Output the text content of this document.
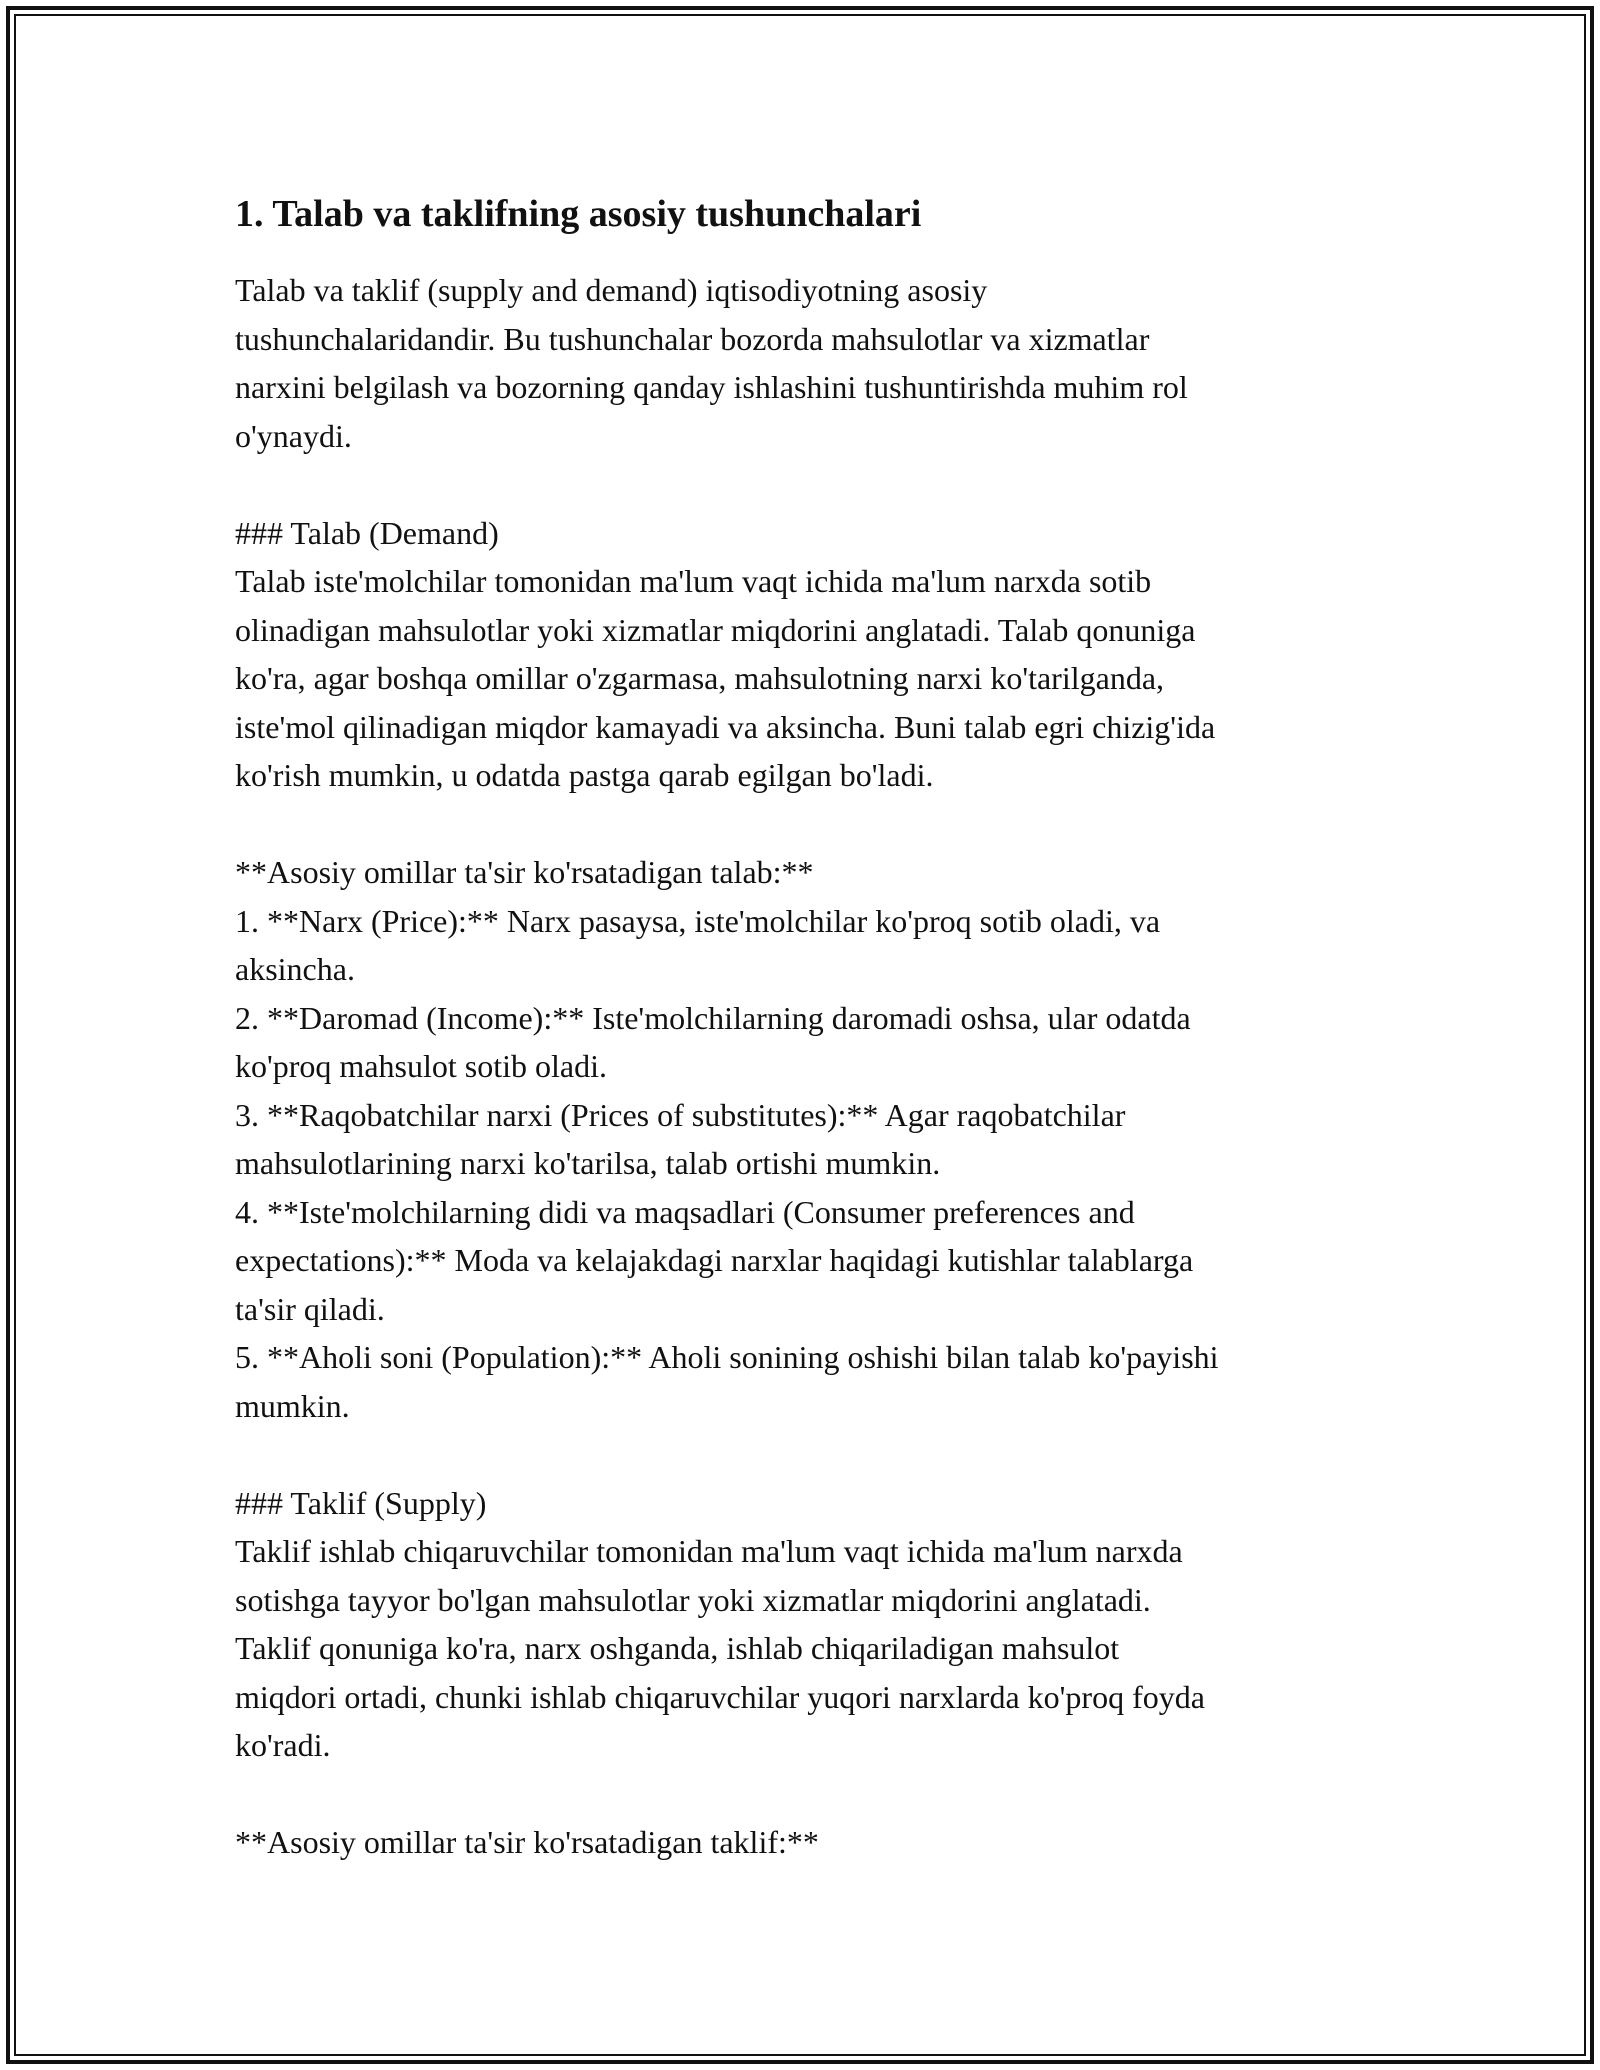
1. Talab va taklifning asosiy tushunchalari

Talab va taklif (supply and demand) iqtisodiyotning asosiy
tushunchalaridandir. Bu tushunchalar bozorda mahsulotlar va xizmatlar
narxini belgilash va bozorning qanday ishlashini tushuntirishda muhim rol
o'ynaydi.

### Talab (Demand)

Talab iste'molchilar tomonidan ma'lum vaqt ichida ma'lum narxda sotib
olinadigan mahsulotlar yoki xizmatlar miqdorini anglatadi. Talab qonuniga
ko'ra, agar boshqa omillar o'zgarmasa, mahsulotning narxi ko'tarilganda,
iste'mol qilinadigan miqdor kamayadi va aksincha. Buni talab egri chizig'ida
ko'rish mumkin, u odatda pastga qarab egilgan bo'ladi.

**Asosiy omillar ta'sir ko'rsatadigan talab:**

1. **Narx (Price):** Narx pasaysa, iste'molchilar ko'proq sotib oladi, va
aksincha.

2. **Daromad (Income):** Iste'molchilarning daromadi oshsa, ular odatda
ko'proq mahsulot sotib oladi.

3. **Raqobatchilar narxi (Prices of substitutes):** Agar raqobatchilar
mahsulotlarining narxi ko'tarilsa, talab ortishi mumkin.

4. **Iste'molchilarning didi va maqsadlari (Consumer preferences and
expectations):** Moda va kelajakdagi narxlar haqidagi kutishlar talablarga
ta'sir qiladi.

5. **Aholi soni (Population):** Aholi sonining oshishi bilan talab ko'payishi
mumkin.

### Taklif (Supply)

Taklif ishlab chiqaruvchilar tomonidan ma'lum vaqt ichida ma'lum narxda
sotishga tayyor bo'lgan mahsulotlar yoki xizmatlar miqdorini anglatadi.
Taklif qonuniga ko'ra, narx oshganda, ishlab chiqariladigan mahsulot
miqdori ortadi, chunki ishlab chiqaruvchilar yuqori narxlarda ko'proq foyda
ko'radi.

**Asosiy omillar ta'sir ko'rsatadigan taklif:**
